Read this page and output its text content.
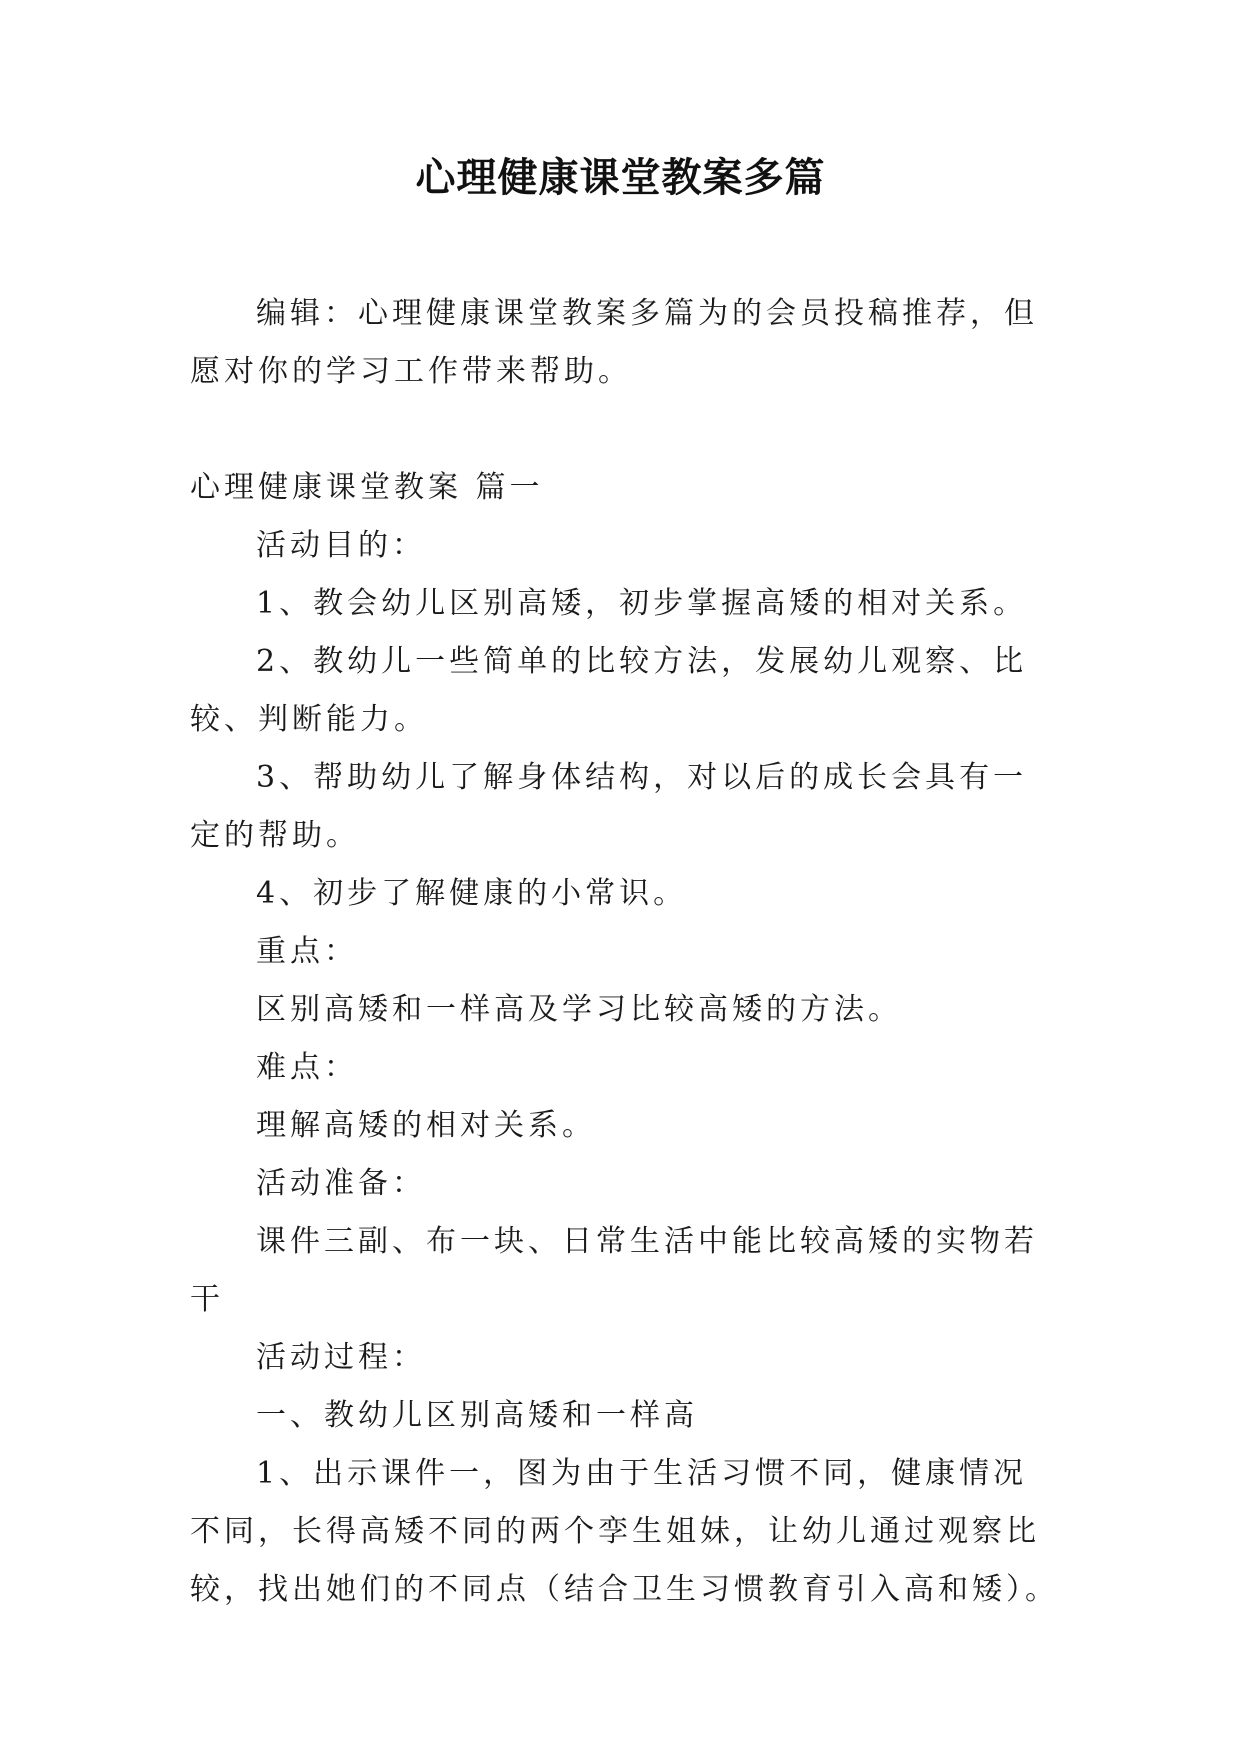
心理健康课堂教案多篇

编辑：心理健康课堂教案多篇为的会员投稿推荐，但愿对你的学习工作带来帮助。

心理健康课堂教案 篇一

活动目的：

1、教会幼儿区别高矮，初步掌握高矮的相对关系。

2、教幼儿一些简单的比较方法，发展幼儿观察、比较、判断能力。

3、帮助幼儿了解身体结构，对以后的成长会具有一定的帮助。

4、初步了解健康的小常识。

重点：

区别高矮和一样高及学习比较高矮的方法。

难点：

理解高矮的相对关系。

活动准备：

课件三副、布一块、日常生活中能比较高矮的实物若干

活动过程：

一、教幼儿区别高矮和一样高

1、出示课件一，图为由于生活习惯不同，健康情况不同，长得高矮不同的两个孪生姐妹，让幼儿通过观察比较，找出她们的不同点（结合卫生习惯教育引入高和矮）。
